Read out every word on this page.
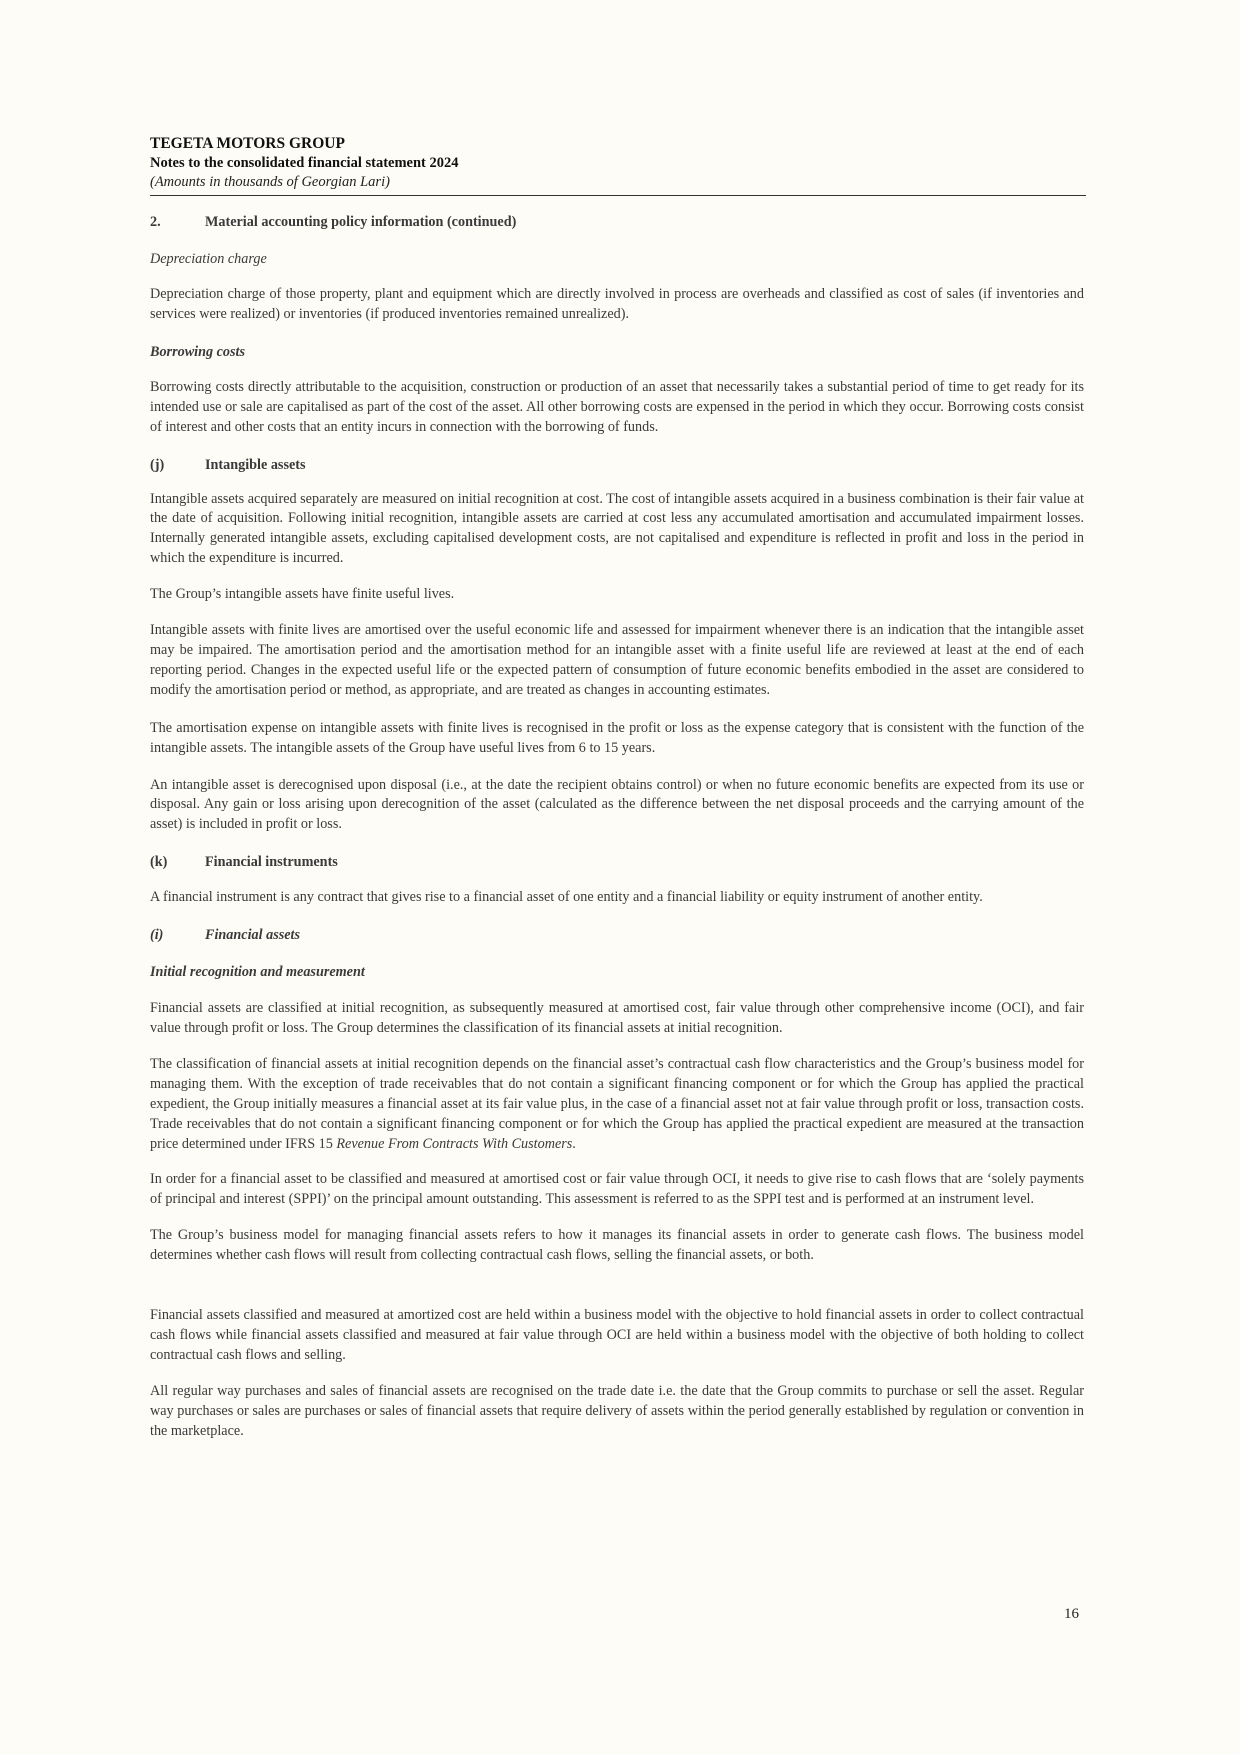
TEGETA MOTORS GROUP
Notes to the consolidated financial statement 2024
(Amounts in thousands of Georgian Lari)
2.	Material accounting policy information (continued)
Depreciation charge

Depreciation charge of those property, plant and equipment which are directly involved in process are overheads and classified as cost of sales (if inventories and services were realized) or inventories (if produced inventories remained unrealized).

Borrowing costs

Borrowing costs directly attributable to the acquisition, construction or production of an asset that necessarily takes a substantial period of time to get ready for its intended use or sale are capitalised as part of the cost of the asset. All other borrowing costs are expensed in the period in which they occur. Borrowing costs consist of interest and other costs that an entity incurs in connection with the borrowing of funds.

(j)	Intangible assets

Intangible assets acquired separately are measured on initial recognition at cost. The cost of intangible assets acquired in a business combination is their fair value at the date of acquisition. Following initial recognition, intangible assets are carried at cost less any accumulated amortisation and accumulated impairment losses. Internally generated intangible assets, excluding capitalised development costs, are not capitalised and expenditure is reflected in profit and loss in the period in which the expenditure is incurred.

The Group’s intangible assets have finite useful lives.

Intangible assets with finite lives are amortised over the useful economic life and assessed for impairment whenever there is an indication that the intangible asset may be impaired. The amortisation period and the amortisation method for an intangible asset with a finite useful life are reviewed at least at the end of each reporting period. Changes in the expected useful life or the expected pattern of consumption of future economic benefits embodied in the asset are considered to modify the amortisation period or method, as appropriate, and are treated as changes in accounting estimates.

The amortisation expense on intangible assets with finite lives is recognised in the profit or loss as the expense category that is consistent with the function of the intangible assets. The intangible assets of the Group have useful lives from 6 to 15 years.

An intangible asset is derecognised upon disposal (i.e., at the date the recipient obtains control) or when no future economic benefits are expected from its use or disposal. Any gain or loss arising upon derecognition of the asset (calculated as the difference between the net disposal proceeds and the carrying amount of the asset) is included in profit or loss.

(k)	Financial instruments

A financial instrument is any contract that gives rise to a financial asset of one entity and a financial liability or equity instrument of another entity.

(i)	Financial assets
Initial recognition and measurement

Financial assets are classified at initial recognition, as subsequently measured at amortised cost, fair value through other comprehensive income (OCI), and fair value through profit or loss. The Group determines the classification of its financial assets at initial recognition.

The classification of financial assets at initial recognition depends on the financial asset’s contractual cash flow characteristics and the Group’s business model for managing them. With the exception of trade receivables that do not contain a significant financing component or for which the Group has applied the practical expedient, the Group initially measures a financial asset at its fair value plus, in the case of a financial asset not at fair value through profit or loss, transaction costs. Trade receivables that do not contain a significant financing component or for which the Group has applied the practical expedient are measured at the transaction price determined under IFRS 15 Revenue From Contracts With Customers.

In order for a financial asset to be classified and measured at amortised cost or fair value through OCI, it needs to give rise to cash flows that are ‘solely payments of principal and interest (SPPI)’ on the principal amount outstanding. This assessment is referred to as the SPPI test and is performed at an instrument level.

The Group’s business model for managing financial assets refers to how it manages its financial assets in order to generate cash flows. The business model determines whether cash flows will result from collecting contractual cash flows, selling the financial assets, or both.

Financial assets classified and measured at amortized cost are held within a business model with the objective to hold financial assets in order to collect contractual cash flows while financial assets classified and measured at fair value through OCI are held within a business model with the objective of both holding to collect contractual cash flows and selling.

All regular way purchases and sales of financial assets are recognised on the trade date i.e. the date that the Group commits to purchase or sell the asset. Regular way purchases or sales are purchases or sales of financial assets that require delivery of assets within the period generally established by regulation or convention in the marketplace.

16
